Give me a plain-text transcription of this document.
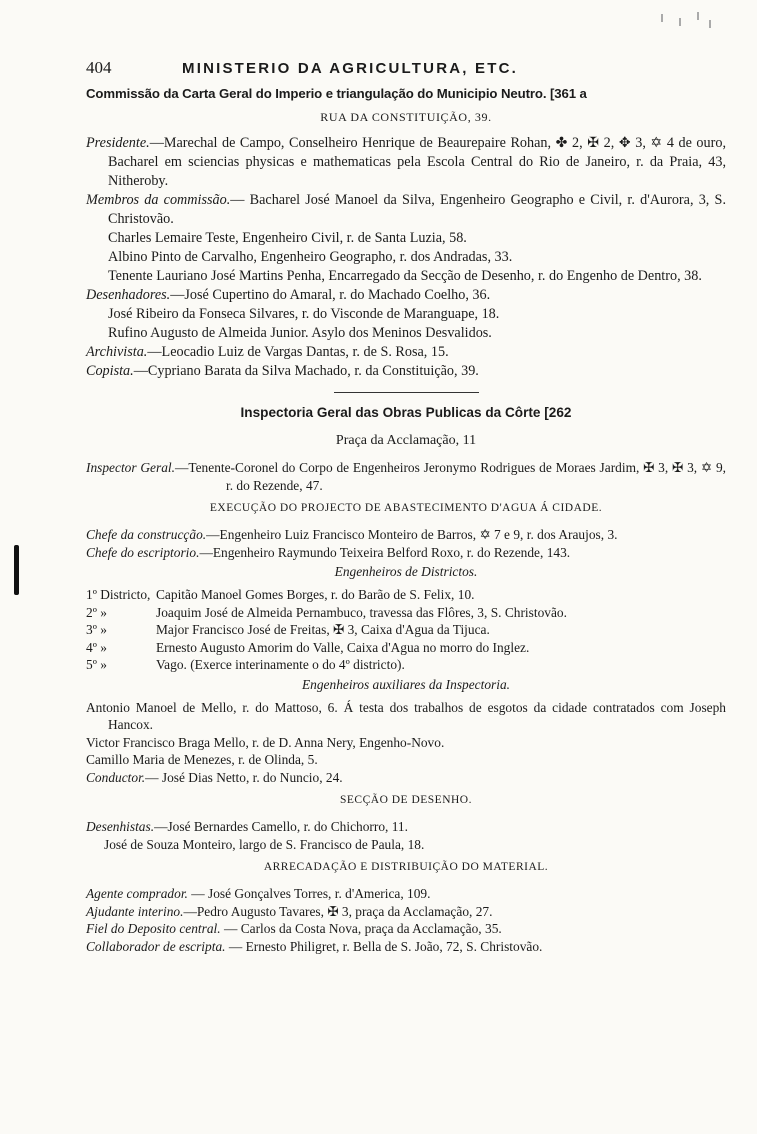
404	MINISTERIO DA AGRICULTURA, ETC.
Commissão da Carta Geral do Imperio e triangulação do Municipio Neutro. [361 a
RUA DA CONSTITUIÇÃO, 39.

Presidente.—Marechal de Campo, Conselheiro Henrique de Beaurepaire Rohan, ✤ 2, ✠ 2, ✥ 3, ✡ 4 de ouro, Bacharel em sciencias physicas e mathematicas pela Escola Central do Rio de Janeiro, r. da Praia, 43, Nitheroby.

Membros da commissão.— Bacharel José Manoel da Silva, Engenheiro Geographo e Civil, r. d'Aurora, 3, S. Christovão.

Charles Lemaire Teste, Engenheiro Civil, r. de Santa Luzia, 58.

Albino Pinto de Carvalho, Engenheiro Geographo, r. dos Andradas, 33.

Tenente Lauriano José Martins Penha, Encarregado da Secção de Desenho, r. do Engenho de Dentro, 38.

Desenhadores.—José Cupertino do Amaral, r. do Machado Coelho, 36.

José Ribeiro da Fonseca Silvares, r. do Visconde de Maranguape, 18.

Rufino Augusto de Almeida Junior. Asylo dos Meninos Desvalidos.

Archivista.—Leocadio Luiz de Vargas Dantas, r. de S. Rosa, 15.

Copista.—Cypriano Barata da Silva Machado, r. da Constituição, 39.

Inspectoria Geral das Obras Publicas da Côrte [262
Praça da Acclamação, 11

Inspector Geral.—Tenente-Coronel do Corpo de Engenheiros Jeronymo Rodrigues de Moraes Jardim, ✠ 3, ✠ 3, ✡ 9, r. do Rezende, 47.

EXECUÇÃO DO PROJECTO DE ABASTECIMENTO D'AGUA Á CIDADE.

Chefe da construcção.—Engenheiro Luiz Francisco Monteiro de Barros, ✡ 7 e 9, r. dos Araujos, 3.

Chefe do escriptorio.—Engenheiro Raymundo Teixeira Belford Roxo, r. do Rezende, 143.

Engenheiros de Districtos.
1º Districto, Capitão Manoel Gomes Borges, r. do Barão de S. Felix, 10.
2º »	Joaquim José de Almeida Pernambuco, travessa das Flôres, 3, S. Christovão.
3º »	Major Francisco José de Freitas, ✠ 3, Caixa d'Agua da Tijuca.
4º »	Ernesto Augusto Amorim do Valle, Caixa d'Agua no morro do Inglez.
5º »	Vago. (Exerce interinamente o do 4º districto).
Engenheiros auxiliares da Inspectoria.

Antonio Manoel de Mello, r. do Mattoso, 6. Á testa dos trabalhos de esgotos da cidade contratados com Joseph Hancox.

Victor Francisco Braga Mello, r. de D. Anna Nery, Engenho-Novo.

Camillo Maria de Menezes, r. de Olinda, 5.

Conductor.— José Dias Netto, r. do Nuncio, 24.

SECÇÃO DE DESENHO.

Desenhistas.—José Bernardes Camello, r. do Chichorro, 11.

José de Souza Monteiro, largo de S. Francisco de Paula, 18.

ARRECADAÇÃO E DISTRIBUIÇÃO DO MATERIAL.

Agente comprador. — José Gonçalves Torres, r. d'America, 109.

Ajudante interino.—Pedro Augusto Tavares, ✠ 3, praça da Acclamação, 27.

Fiel do Deposito central. — Carlos da Costa Nova, praça da Acclamação, 35.

Collaborador de escripta. — Ernesto Philigret, r. Bella de S. João, 72, S. Christovão.
